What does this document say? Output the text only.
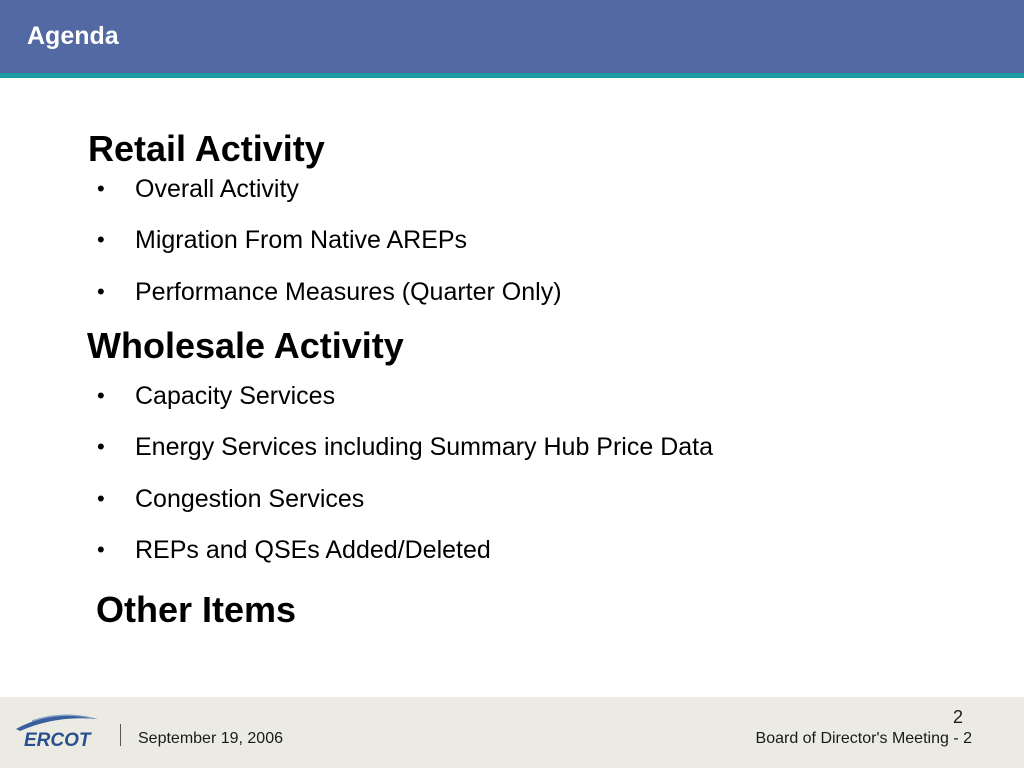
Agenda
Retail Activity
• Overall Activity
• Migration From Native AREPs
• Performance Measures (Quarter Only)
Wholesale Activity
• Capacity Services
• Energy Services including Summary Hub Price Data
• Congestion Services
• REPs and QSEs Added/Deleted
Other Items
ERCOT	September 19, 2006
2
Board of Director's Meeting - 2
